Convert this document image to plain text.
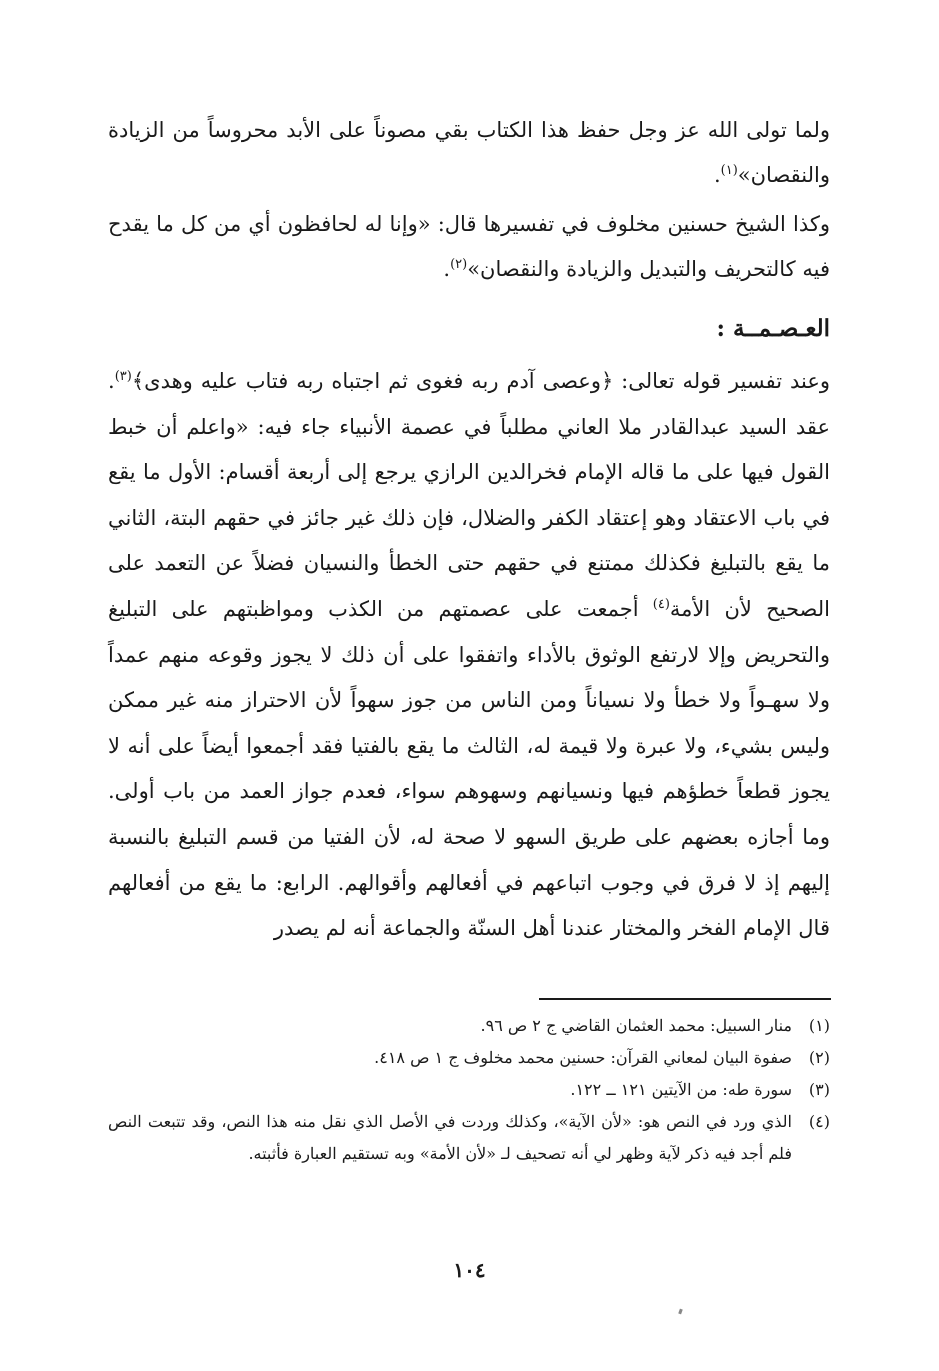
ولما تولى الله عز وجل حفظ هذا الكتاب بقي مصوناً على الأبد محروساً من الزيادة والنقصان»$^{(١)}$.

وكذا الشيخ حسنين مخلوف في تفسيرها قال: «وإنا له لحافظون أي من كل ما يقدح فيه كالتحريف والتبديل والزيادة والنقصان»$^{(٢)}$.

العـصـمــة :

وعند تفسير قوله تعالى: ﴿وعصى آدم ربه فغوى ثم اجتباه ربه فتاب عليه وهدى﴾$^{(٣)}$. عقد السيد عبدالقادر ملا العاني مطلباً في عصمة الأنبياء جاء فيه: «واعلم أن خبط القول فيها على ما قاله الإمام فخرالدين الرازي يرجع إلى أربعة أقسام: الأول ما يقع في باب الاعتقاد وهو إعتقاد الكفر والضلال، فإن ذلك غير جائز في حقهم البتة، الثاني ما يقع بالتبليغ فكذلك ممتنع في حقهم حتى الخطأ والنسيان فضلاً عن التعمد على الصحيح لأن الأمة$^{(٤)}$ أجمعت على عصمتهم من الكذب ومواظبتهم على التبليغ والتحريض وإلا لارتفع الوثوق بالأداء واتفقوا على أن ذلك لا يجوز وقوعه منهم عمداً ولا سهـواً ولا خطأ ولا نسياناً ومن الناس من جوز سهواً لأن الاحتراز منه غير ممكن وليس بشيء، ولا عبرة ولا قيمة له، الثالث ما يقع بالفتيا فقد أجمعوا أيضاً على أنه لا يجوز قطعاً خطؤهم فيها ونسيانهم وسهوهم سواء، فعدم جواز العمد من باب أولى. وما أجازه بعضهم على طريق السهو لا صحة له، لأن الفتيا من قسم التبليغ بالنسبة إليهم إذ لا فرق في وجوب اتباعهم في أفعالهم وأقوالهم. الرابع: ما يقع من أفعالهم قال الإمام الفخر والمختار عندنا أهل السنّة والجماعة أنه لم يصدر

(١)
منار السبيل: محمد العثمان القاضي ج ٢ ص ٩٦.
(٢)
صفوة البيان لمعاني القرآن: حسنين محمد مخلوف ج ١ ص ٤١٨.
(٣)
سورة طه: من الآيتين ١٢١ ــ ١٢٢.
(٤)
الذي ورد في النص هو: «لأن الآية»، وكذلك وردت في الأصل الذي نقل منه هذا النص، وقد تتبعت النص فلم أجد فيه ذكر لآية وظهر لي أنه تصحيف لـ «لأن الأمة» وبه تستقيم العبارة فأثبته.
١٠٤
